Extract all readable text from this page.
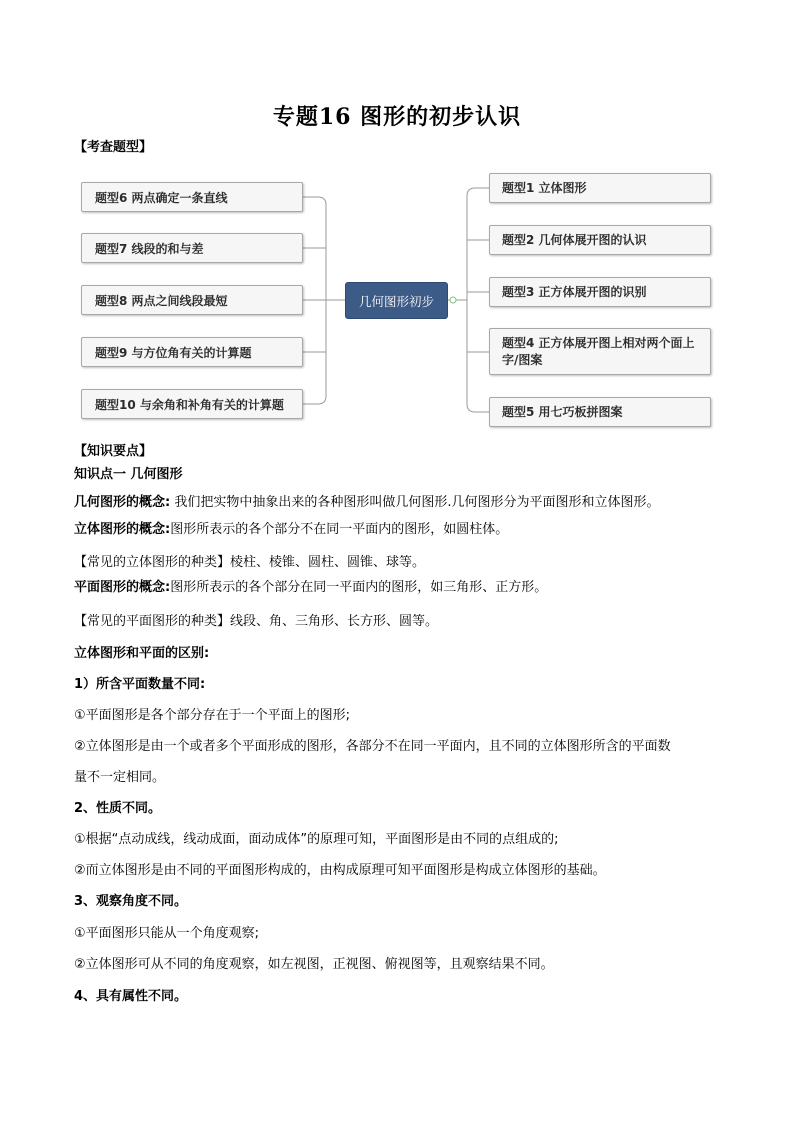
专题16 图形的初步认识
【考查题型】
题型6 两点确定一条直线
题型7 线段的和与差
题型8 两点之间线段最短
题型9 与方位角有关的计算题
题型10 与余角和补角有关的计算题
几何图形初步
题型1 立体图形
题型2 几何体展开图的认识
题型3 正方体展开图的识别
题型4 正方体展开图上相对两个面上字/图案
题型5 用七巧板拼图案
【知识要点】
知识点一 几何图形
几何图形的概念: 我们把实物中抽象出来的各种图形叫做几何图形.几何图形分为平面图形和立体图形。
立体图形的概念:图形所表示的各个部分不在同一平面内的图形，如圆柱体。
【常见的立体图形的种类】棱柱、棱锥、圆柱、圆锥、球等。
平面图形的概念:图形所表示的各个部分在同一平面内的图形，如三角形、正方形。
【常见的平面图形的种类】线段、角、三角形、长方形、圆等。
立体图形和平面的区别:
1）所含平面数量不同:
①平面图形是各个部分存在于一个平面上的图形;
②立体图形是由一个或者多个平面形成的图形，各部分不在同一平面内，且不同的立体图形所含的平面数
量不一定相同。
2、性质不同。
①根据“点动成线，线动成面，面动成体”的原理可知，平面图形是由不同的点组成的;
②而立体图形是由不同的平面图形构成的，由构成原理可知平面图形是构成立体图形的基础。
3、观察角度不同。
①平面图形只能从一个角度观察;
②立体图形可从不同的角度观察，如左视图，正视图、俯视图等，且观察结果不同。
4、具有属性不同。
